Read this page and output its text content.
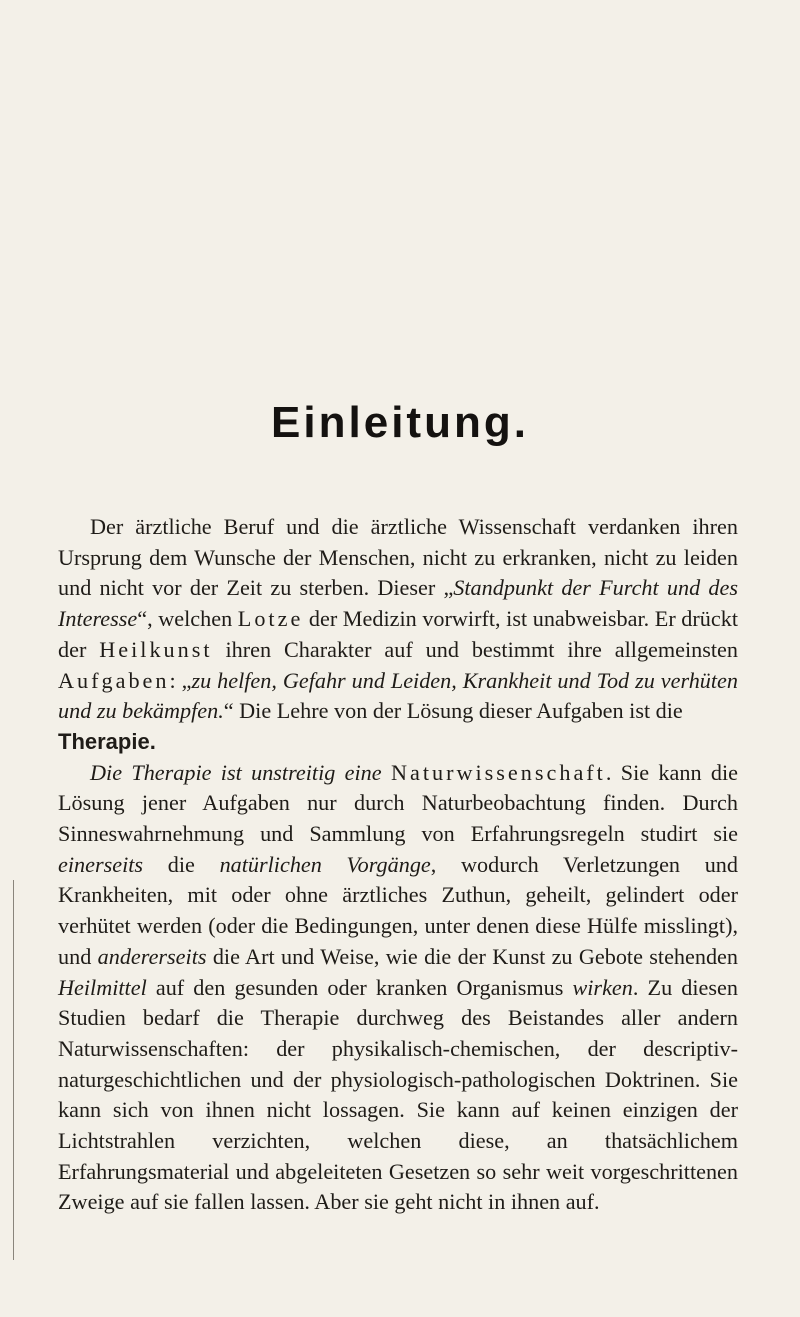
Einleitung.

Der ärztliche Beruf und die ärztliche Wissenschaft verdanken ihren Ursprung dem Wunsche der Menschen, nicht zu erkranken, nicht zu leiden und nicht vor der Zeit zu sterben. Dieser „Standpunkt der Furcht und des Interesse“, welchen Lotze der Medizin vorwirft, ist unabweisbar. Er drückt der Heilkunst ihren Charakter auf und bestimmt ihre allgemeinsten Aufgaben: „zu helfen, Gefahr und Leiden, Krankheit und Tod zu verhüten und zu bekämpfen.“ Die Lehre von der Lösung dieser Aufgaben ist die

Therapie.

Die Therapie ist unstreitig eine Naturwissenschaft. Sie kann die Lösung jener Aufgaben nur durch Naturbeobachtung finden. Durch Sinneswahrnehmung und Sammlung von Erfahrungsregeln studirt sie einerseits die natürlichen Vorgänge, wodurch Verletzungen und Krankheiten, mit oder ohne ärztliches Zuthun, geheilt, gelindert oder verhütet werden (oder die Bedingungen, unter denen diese Hülfe misslingt), und andererseits die Art und Weise, wie die der Kunst zu Gebote stehenden Heilmittel auf den gesunden oder kranken Organismus wirken. Zu diesen Studien bedarf die Therapie durchweg des Beistandes aller andern Naturwissenschaften: der physikalisch-chemischen, der descriptiv-naturgeschichtlichen und der physiologisch-pathologischen Doktrinen. Sie kann sich von ihnen nicht lossagen. Sie kann auf keinen einzigen der Lichtstrahlen verzichten, welchen diese, an thatsächlichem Erfahrungsmaterial und abgeleiteten Gesetzen so sehr weit vorgeschrittenen Zweige auf sie fallen lassen. Aber sie geht nicht in ihnen auf.
